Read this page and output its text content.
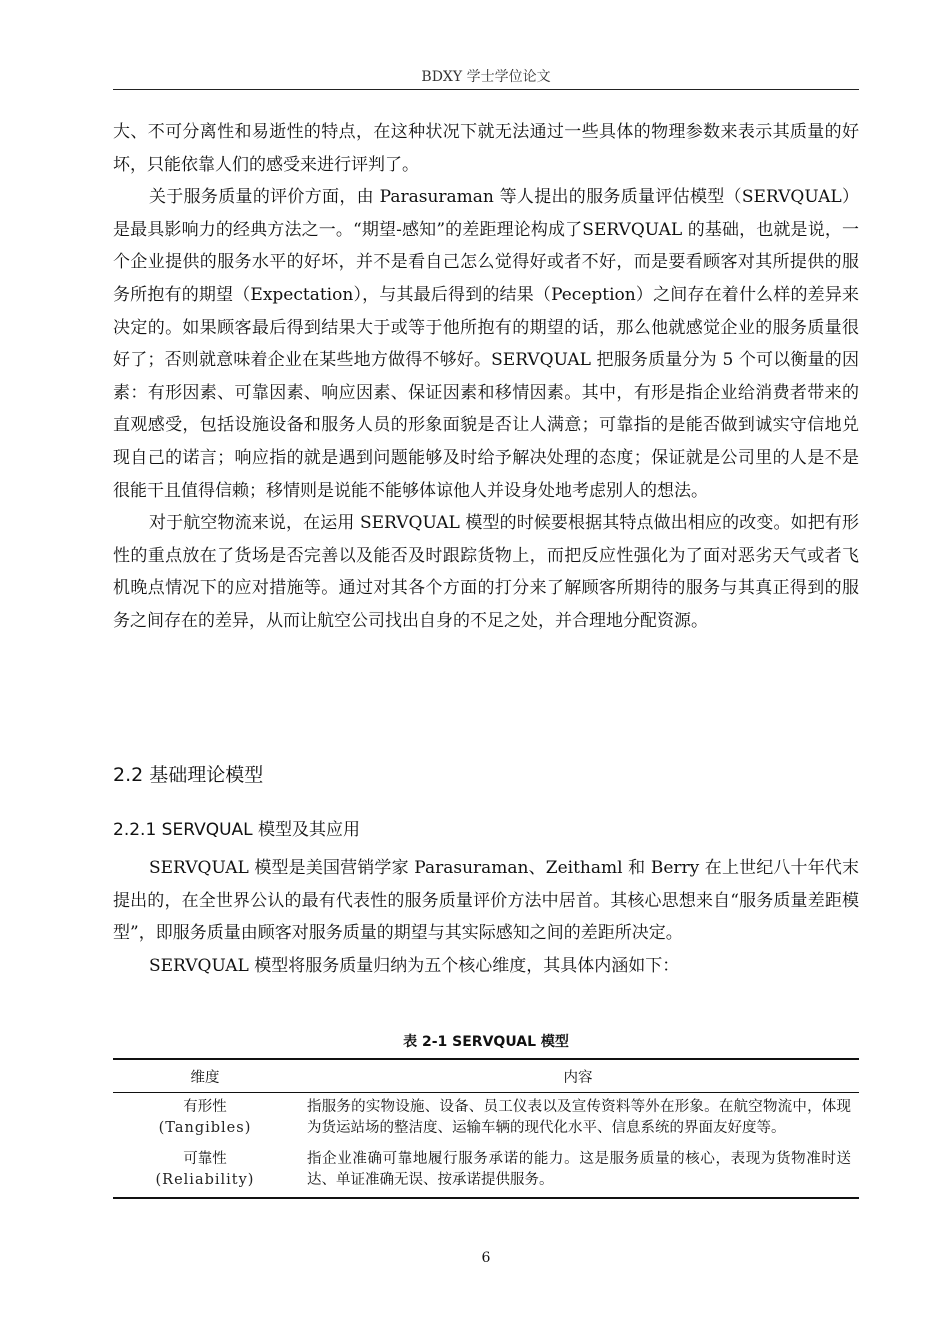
BDXY 学士学位论文

大、不可分离性和易逝性的特点，在这种状况下就无法通过一些具体的物理参数来表示其质量的好坏，只能依靠人们的感受来进行评判了。

关于服务质量的评价方面，由 Parasuraman 等人提出的服务质量评估模型（SERVQUAL）是最具影响力的经典方法之一。“期望-感知”的差距理论构成了SERVQUAL 的基础，也就是说，一个企业提供的服务水平的好坏，并不是看自己怎么觉得好或者不好，而是要看顾客对其所提供的服务所抱有的期望（Expectation），与其最后得到的结果（Peception）之间存在着什么样的差异来决定的。如果顾客最后得到结果大于或等于他所抱有的期望的话，那么他就感觉企业的服务质量很好了；否则就意味着企业在某些地方做得不够好。SERVQUAL 把服务质量分为 5 个可以衡量的因素：有形因素、可靠因素、响应因素、保证因素和移情因素。其中，有形是指企业给消费者带来的直观感受，包括设施设备和服务人员的形象面貌是否让人满意；可靠指的是能否做到诚实守信地兑现自己的诺言；响应指的就是遇到问题能够及时给予解决处理的态度；保证就是公司里的人是不是很能干且值得信赖；移情则是说能不能够体谅他人并设身处地考虑别人的想法。

对于航空物流来说，在运用 SERVQUAL 模型的时候要根据其特点做出相应的改变。如把有形性的重点放在了货场是否完善以及能否及时跟踪货物上，而把反应性强化为了面对恶劣天气或者飞机晚点情况下的应对措施等。通过对其各个方面的打分来了解顾客所期待的服务与其真正得到的服务之间存在的差异，从而让航空公司找出自身的不足之处，并合理地分配资源。

2.2 基础理论模型
2.2.1 SERVQUAL 模型及其应用

SERVQUAL 模型是美国营销学家 Parasuraman、Zeithaml 和 Berry 在上世纪八十年代末提出的，在全世界公认的最有代表性的服务质量评价方法中居首。其核心思想来自“服务质量差距模型”，即服务质量由顾客对服务质量的期望与其实际感知之间的差距所决定。

SERVQUAL 模型将服务质量归纳为五个核心维度，其具体内涵如下：

表 2-1 SERVQUAL 模型
维度	内容

有形性
(Tangibles)	指服务的实物设施、设备、员工仪表以及宣传资料等外在形象。在航空物流中，体现为货运站场的整洁度、运输车辆的现代化水平、信息系统的界面友好度等。

可靠性
(Reliability)	指企业准确可靠地履行服务承诺的能力。这是服务质量的核心，表现为货物准时送达、单证准确无误、按承诺提供服务。
6
